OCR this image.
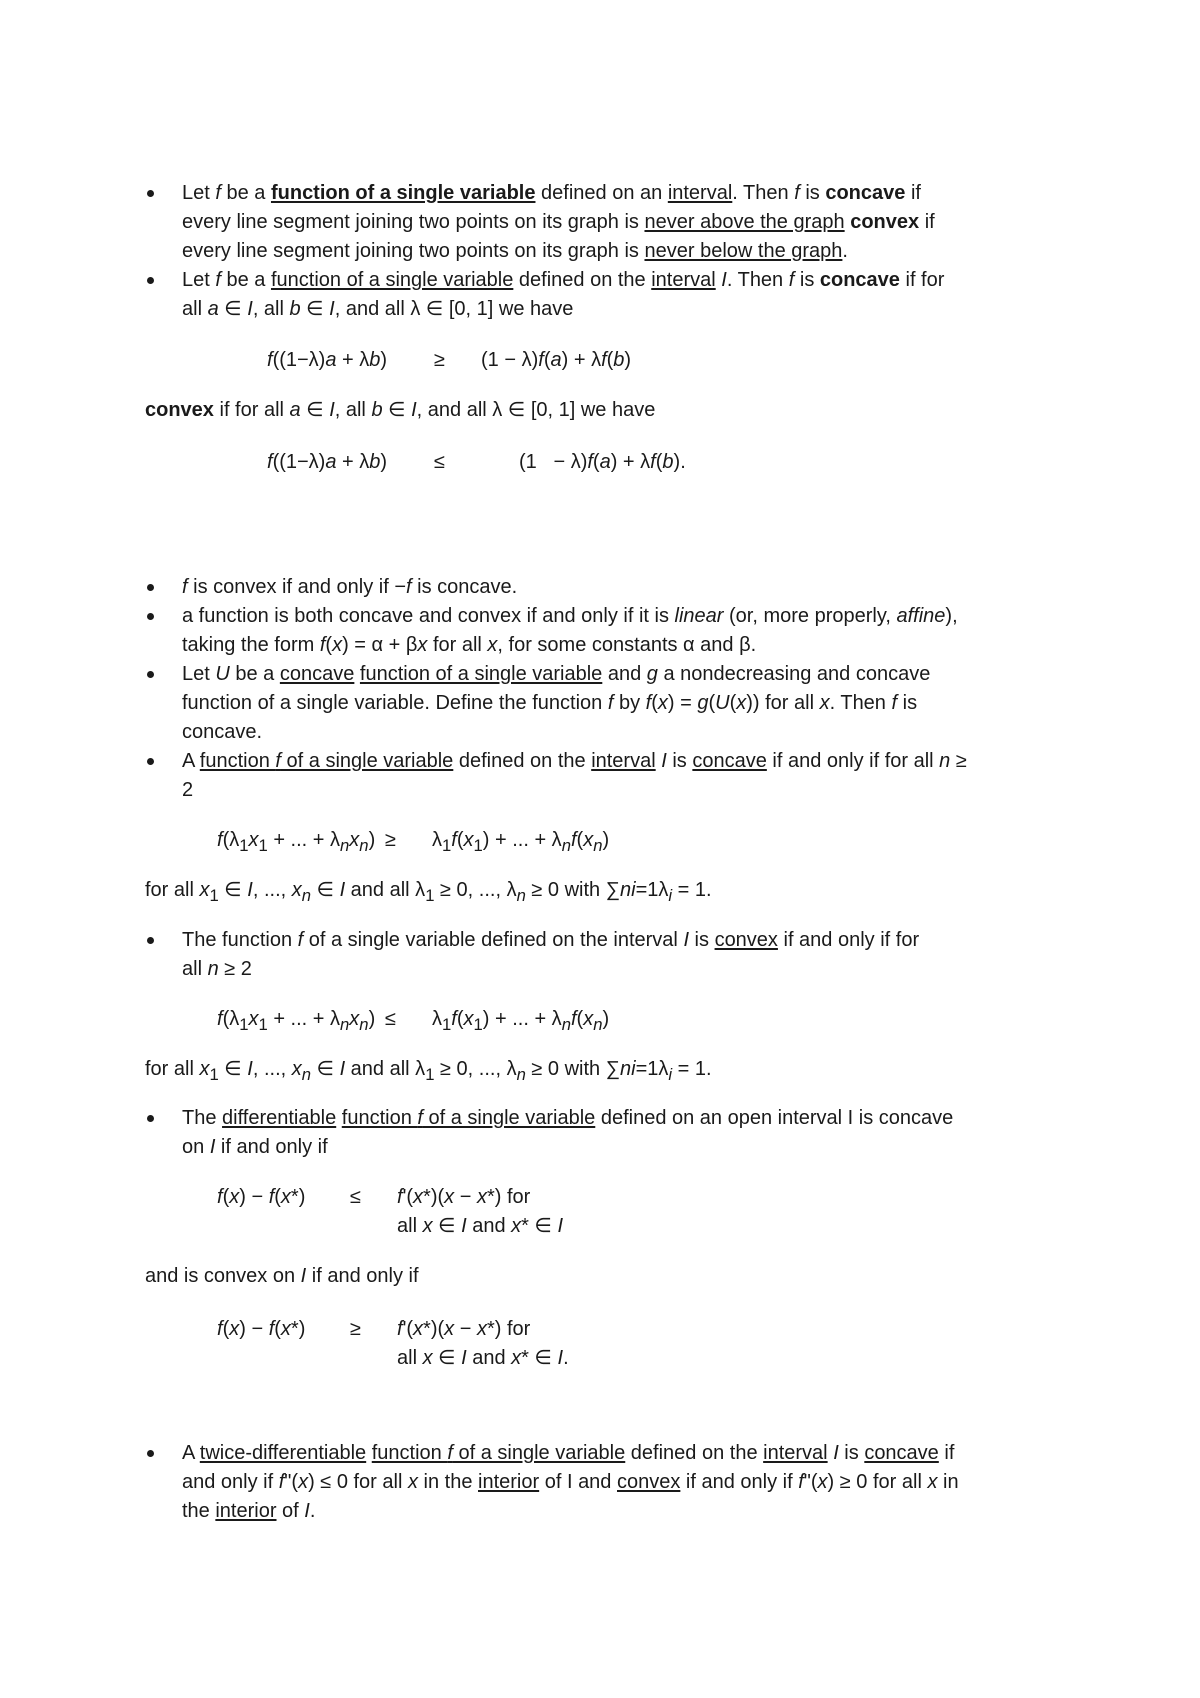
Let f be a function of a single variable defined on an interval. Then f is concave if
every line segment joining two points on its graph is never above the graph convex if
every line segment joining two points on its graph is never below the graph.
Let f be a function of a single variable defined on the interval I. Then f is concave if for
all a ∈ I, all b ∈ I, and all λ ∈ [0, 1] we have
f((1−λ)a + λb) ≥ (1 − λ)f(a) + λf(b)
convex if for all a ∈ I, all b ∈ I, and all λ ∈ [0, 1] we have
f((1−λ)a + λb) ≤	(1   − λ)f(a) + λf(b).
f is convex if and only if −f is concave.
a function is both concave and convex if and only if it is linear (or, more properly, affine),
taking the form f(x) = α + βx for all x, for some constants α and β.
Let U be a concave function of a single variable and g a nondecreasing and concave
function of a single variable. Define the function f by f(x) = g(U(x)) for all x. Then f is
concave.
A function f of a single variable defined on the interval I is concave if and only if for all n ≥
2
$f(\lambda_1x_1$ + ... + $\lambda_nx_n) \ge \lambda_1f(x_1)$ + ... + $\lambda_nf(x_n)$
for all $x_1$ ∈ I, ..., $x_n$ ∈ I and all $\lambda_1 \ge 0$, ..., $\lambda_n \ge 0$ with $\sum ni=1\lambda_i = 1$.
The function f of a single variable defined on the interval I is convex if and only if for
all n ≥ 2
$f(\lambda_1x_1$ + ... + $\lambda_nx_n) \le \lambda_1f(x_1)$ + ... + $\lambda_nf(x_n)$
for all $x_1$ ∈ I, ..., $x_n$ ∈ I and all $\lambda_1 \ge 0$, ..., $\lambda_n \ge 0$ with $\sum ni=1\lambda_i = 1$.
The differentiable function f of a single variable defined on an open interval I is concave
on I if and only if
f(x) − f(x*) ≤ f'(x*)(x − x*) for
all x ∈ I and x* ∈ I
and is convex on I if and only if
f(x) − f(x*) ≥ f'(x*)(x − x*) for
all x ∈ I and x* ∈ I.
A twice-differentiable function f of a single variable defined on the interval I is concave if
and only if f"(x) ≤ 0 for all x in the interior of I and convex if and only if f"(x) ≥ 0 for all x in
the interior of I.
